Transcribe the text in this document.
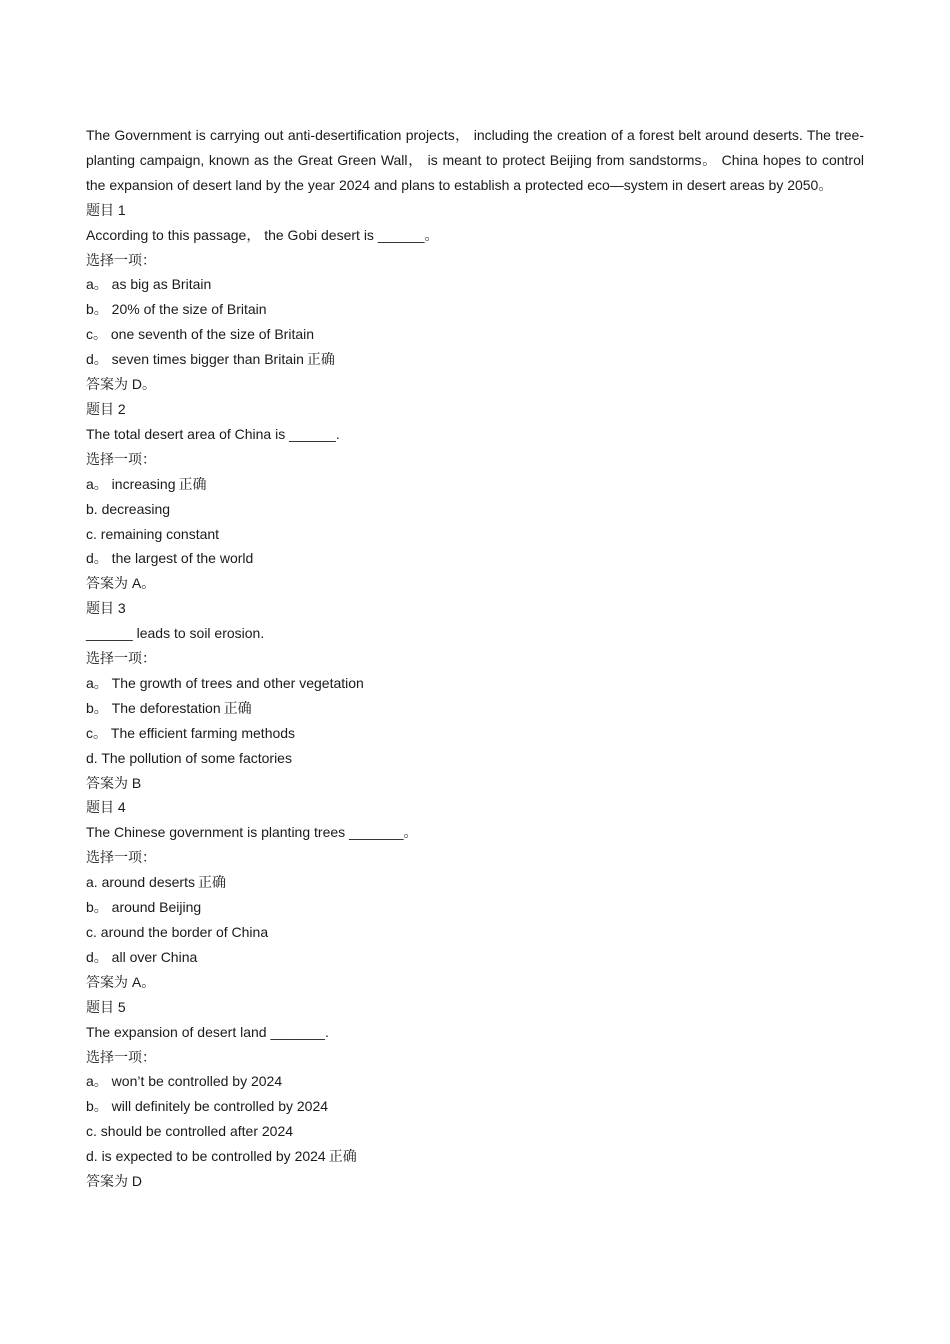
The Government is carrying out anti-desertification projects， including the creation of a forest belt around deserts. The tree-planting campaign, known as the Great Green Wall， is meant to protect Beijing from sandstorms。 China hopes to control the expansion of desert land by the year 2024 and plans to establish a protected eco—system in desert areas by 2050。

题目 1

According to this passage， the Gobi desert is ______。

选择一项：

a。 as big as Britain

b。 20% of the size of Britain

c。 one seventh of the size of Britain

d。 seven times bigger than Britain 正确

答案为 D。

题目 2

The total desert area of China is ______.

选择一项：

a。 increasing 正确

b. decreasing

c. remaining constant

d。 the largest of the world

答案为 A。

题目 3

______ leads to soil erosion.

选择一项：

a。 The growth of trees and other vegetation

b。 The deforestation 正确

c。 The efficient farming methods

d. The pollution of some factories

答案为 B

题目 4

The Chinese government is planting trees _______。

选择一项：

a. around deserts 正确

b。 around Beijing

c. around the border of China

d。 all over China

答案为 A。

题目 5

The expansion of desert land _______.

选择一项：

a。 won’t be controlled by 2024

b。 will definitely be controlled by 2024

c. should be controlled after 2024

d. is expected to be controlled by 2024 正确

答案为 D
